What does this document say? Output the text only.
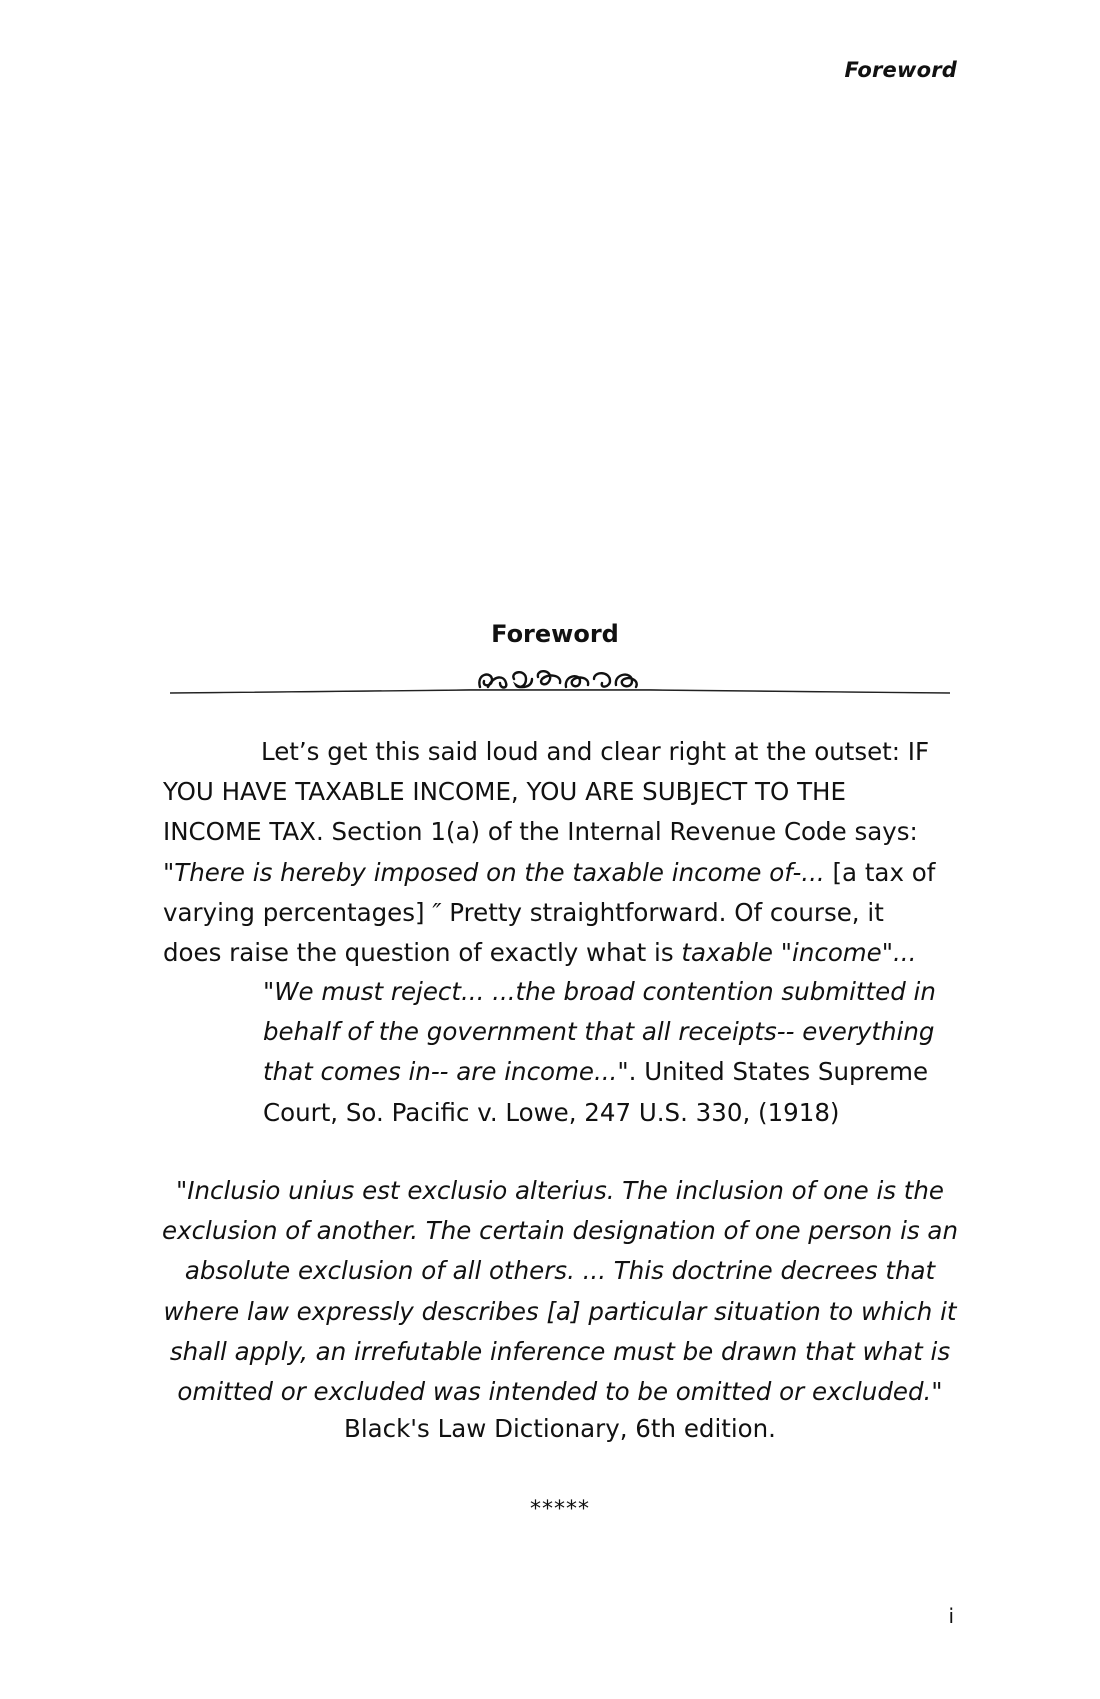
Foreword
Foreword

Let’s get this said loud and clear right at the outset: IF YOU HAVE TAXABLE INCOME, YOU ARE SUBJECT TO THE INCOME TAX. Section 1(a) of the Internal Revenue Code says: "There is hereby imposed on the taxable income of-... [a tax of varying percentages] ″ Pretty straightforward. Of course, it does raise the question of exactly what is taxable "income"...

"We must reject... ...the broad contention submitted in behalf of the government that all receipts-- everything that comes in-- are income...". United States Supreme Court, So. Pacific v. Lowe, 247 U.S. 330, (1918)

"Inclusio unius est exclusio alterius. The inclusion of one is the exclusion of another. The certain designation of one person is an absolute exclusion of all others. ... This doctrine decrees that where law expressly describes [a] particular situation to which it shall apply, an irrefutable inference must be drawn that what is omitted or excluded was intended to be omitted or excluded."

Black's Law Dictionary, 6th edition.
*****
i
